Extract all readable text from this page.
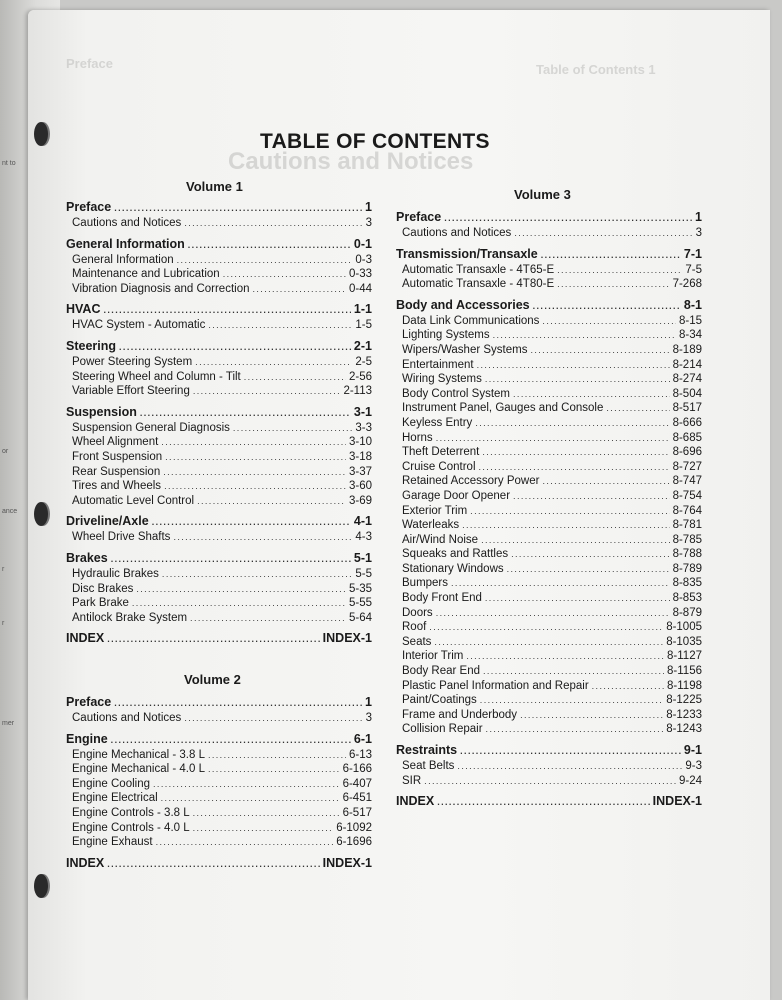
nt to
or
ance
r
r
mer
Preface	Table of Contents 1
Cautions and Notices
TABLE OF CONTENTS
Volume 1
Preface .....	1
Cautions and Notices .....	3
General Information .....	0-1
General Information .....	0-3
Maintenance and Lubrication .....	0-33
Vibration Diagnosis and Correction .....	0-44
HVAC .....	1-1
HVAC System - Automatic .....	1-5
Steering .....	2-1
Power Steering System .....	2-5
Steering Wheel and Column - Tilt .....	2-56
Variable Effort Steering .....	2-113
Suspension .....	3-1
Suspension General Diagnosis .....	3-3
Wheel Alignment .....	3-10
Front Suspension .....	3-18
Rear Suspension .....	3-37
Tires and Wheels .....	3-60
Automatic Level Control .....	3-69
Driveline/Axle .....	4-1
Wheel Drive Shafts .....	4-3
Brakes .....	5-1
Hydraulic Brakes .....	5-5
Disc Brakes .....	5-35
Park Brake .....	5-55
Antilock Brake System .....	5-64
INDEX .....	INDEX-1
Volume 2
Preface .....	1
Cautions and Notices .....	3
Engine .....	6-1
Engine Mechanical - 3.8 L .....	6-13
Engine Mechanical - 4.0 L .....	6-166
Engine Cooling .....	6-407
Engine Electrical .....	6-451
Engine Controls - 3.8 L .....	6-517
Engine Controls - 4.0 L .....	6-1092
Engine Exhaust .....	6-1696
INDEX .....	INDEX-1
Volume 3
Preface .....	1
Cautions and Notices .....	3
Transmission/Transaxle .....	7-1
Automatic Transaxle - 4T65-E .....	7-5
Automatic Transaxle - 4T80-E .....	7-268
Body and Accessories .....	8-1
Data Link Communications .....	8-15
Lighting Systems .....	8-34
Wipers/Washer Systems .....	8-189
Entertainment .....	8-214
Wiring Systems .....	8-274
Body Control System .....	8-504
Instrument Panel, Gauges and Console .....	8-517
Keyless Entry .....	8-666
Horns .....	8-685
Theft Deterrent .....	8-696
Cruise Control .....	8-727
Retained Accessory Power .....	8-747
Garage Door Opener .....	8-754
Exterior Trim .....	8-764
Waterleaks .....	8-781
Air/Wind Noise .....	8-785
Squeaks and Rattles .....	8-788
Stationary Windows .....	8-789
Bumpers .....	8-835
Body Front End .....	8-853
Doors .....	8-879
Roof .....	8-1005
Seats .....	8-1035
Interior Trim .....	8-1127
Body Rear End .....	8-1156
Plastic Panel Information and Repair .....	8-1198
Paint/Coatings .....	8-1225
Frame and Underbody .....	8-1233
Collision Repair .....	8-1243
Restraints .....	9-1
Seat Belts .....	9-3
SIR .....	9-24
INDEX .....	INDEX-1
